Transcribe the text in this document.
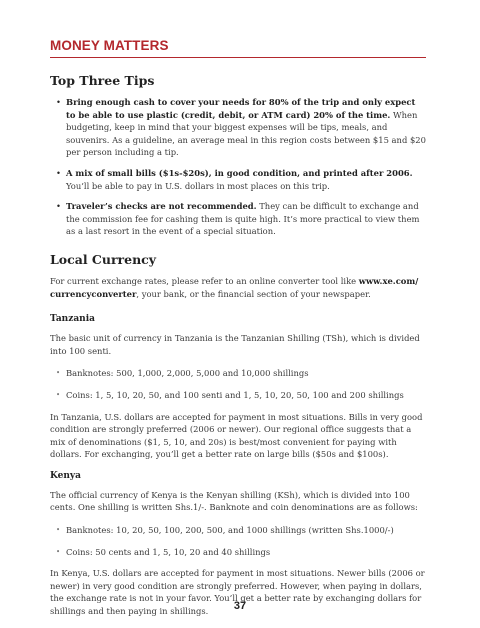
MONEY MATTERS
Top Three Tips
• Bring enough cash to cover your needs for 80% of the trip and only expect to be able to use plastic (credit, debit, or ATM card) 20% of the time. When budgeting, keep in mind that your biggest expenses will be tips, meals, and souvenirs. As a guideline, an average meal in this region costs between $15 and $20 per person including a tip.
• A mix of small bills ($1s-$20s), in good condition, and printed after 2006. You’ll be able to pay in U.S. dollars in most places on this trip.
• Traveler’s checks are not recommended. They can be difficult to exchange and the commission fee for cashing them is quite high. It’s more practical to view them as a last resort in the event of a special situation.
Local Currency

For current exchange rates, please refer to an online converter tool like www.xe.com/ currencyconverter, your bank, or the financial section of your newspaper.

Tanzania

The basic unit of currency in Tanzania is the Tanzanian Shilling (TSh), which is divided into 100 senti.

• Banknotes: 500, 1,000, 2,000, 5,000 and 10,000 shillings
• Coins: 1, 5, 10, 20, 50, and 100 senti and 1, 5, 10, 20, 50, 100 and 200 shillings

In Tanzania, U.S. dollars are accepted for payment in most situations. Bills in very good condition are strongly preferred (2006 or newer). Our regional office suggests that a mix of denominations ($1, 5, 10, and 20s) is best/most convenient for paying with dollars. For exchanging, you’ll get a better rate on large bills ($50s and $100s).

Kenya

The official currency of Kenya is the Kenyan shilling (KSh), which is divided into 100 cents. One shilling is written Shs.1/-. Banknote and coin denominations are as follows:

• Banknotes: 10, 20, 50, 100, 200, 500, and 1000 shillings (written Shs.1000/-)
• Coins: 50 cents and 1, 5, 10, 20 and 40 shillings

In Kenya, U.S. dollars are accepted for payment in most situations. Newer bills (2006 or newer) in very good condition are strongly preferred. However, when paying in dollars, the exchange rate is not in your favor. You’ll get a better rate by exchanging dollars for shillings and then paying in shillings.	37
